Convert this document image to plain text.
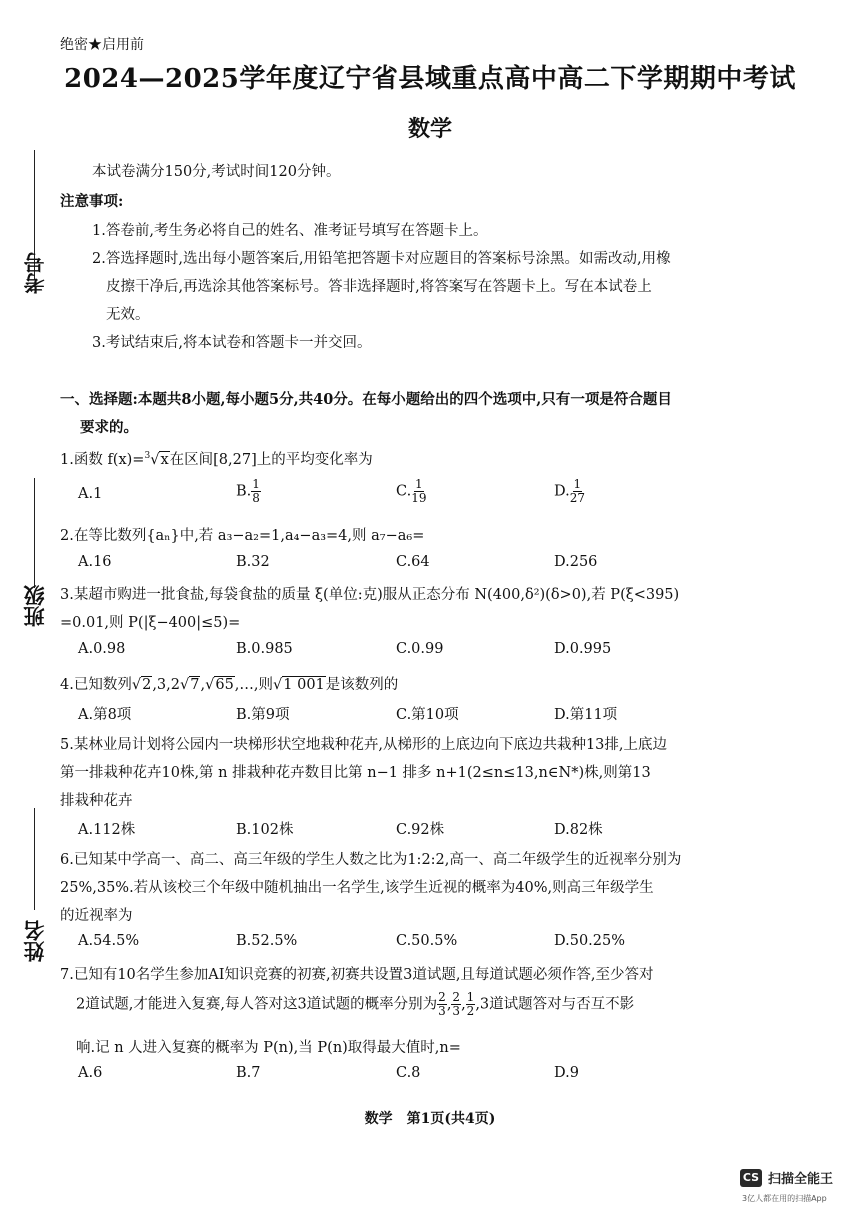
绝密★启用前
2024—2025学年度辽宁省县域重点高中高二下学期期中考试
数学
考号
班级
姓名
本试卷满分150分,考试时间120分钟。
注意事项:
1.答卷前,考生务必将自己的姓名、准考证号填写在答题卡上。
2.答选择题时,选出每小题答案后,用铅笔把答题卡对应题目的答案标号涂黑。如需改动,用橡
皮擦干净后,再选涂其他答案标号。答非选择题时,将答案写在答题卡上。写在本试卷上
无效。
3.考试结束后,将本试卷和答题卡一并交回。
一、选择题:本题共8小题,每小题5分,共40分。在每小题给出的四个选项中,只有一项是符合题目
要求的。
1.函数 f(x)=$^3$√x在区间[8,27]上的平均变化率为
A.1	B. $\frac{1}{8}$	C. $\frac{1}{19}$	D. $\frac{1}{27}$
2.在等比数列{aₙ}中,若 a₃−a₂=1,a₄−a₃=4,则 a₇−a₆=
A.16	B.32	C.64	D.256
3.某超市购进一批食盐,每袋食盐的质量 ξ(单位:克)服从正态分布 N(400,δ²)(δ>0),若 P(ξ<395)
=0.01,则 P(|ξ−400|≤5)=
A.0.98	B.0.985	C.0.99	D.0.995
4.已知数列√2,3,2√7,√65,…,则√1 001是该数列的
A.第8项	B.第9项	C.第10项	D.第11项
5.某林业局计划将公园内一块梯形状空地栽种花卉,从梯形的上底边向下底边共栽种13排,上底边
第一排栽种花卉10株,第 n 排栽种花卉数目比第 n−1 排多 n+1(2≤n≤13,n∈N*)株,则第13
排栽种花卉
A.112株	B.102株	C.92株	D.82株
6.已知某中学高一、高二、高三年级的学生人数之比为1:2:2,高一、高二年级学生的近视率分别为
25%,35%.若从该校三个年级中随机抽出一名学生,该学生近视的概率为40%,则高三年级学生
的近视率为
A.54.5%	B.52.5%	C.50.5%	D.50.25%
7.已知有10名学生参加AI知识竞赛的初赛,初赛共设置3道试题,且每道试题必须作答,至少答对
2道试题,才能进入复赛,每人答对这3道试题的概率分别为 $\frac{2}{3}$ , $\frac{2}{3}$ , $\frac{1}{2} ,3$道试题答对与否互不影
响.记 n 人进入复赛的概率为 P(n),当 P(n)取得最大值时,n=
A.6	B.7	C.8	D.9
数学　第1页(共4页)
CS 扫描全能王
3亿人都在用的扫描App
